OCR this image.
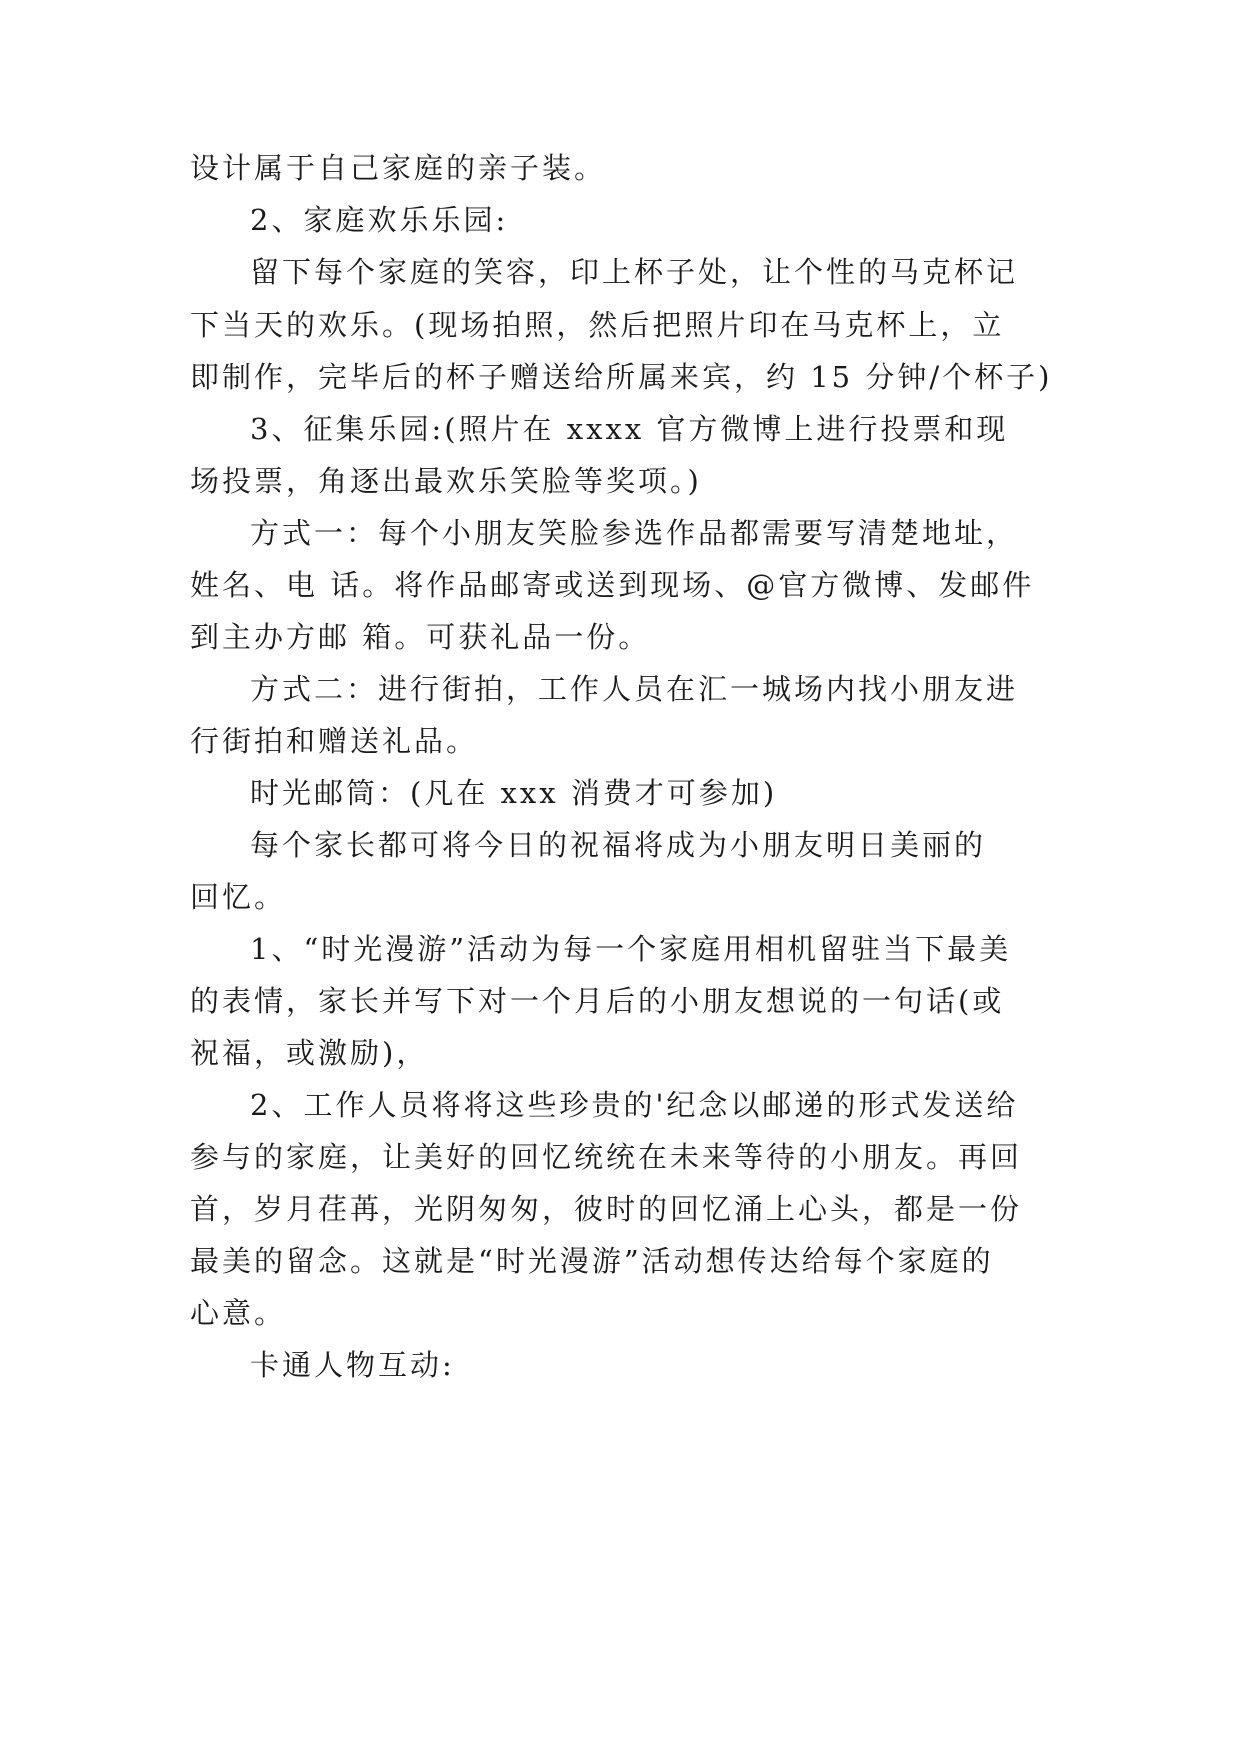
设计属于自己家庭的亲子装。
2、家庭欢乐乐园:
留下每个家庭的笑容，印上杯子处，让个性的马克杯记
下当天的欢乐。(现场拍照，然后把照片印在马克杯上，立
即制作，完毕后的杯子赠送给所属来宾，约 15 分钟/个杯子)
3、征集乐园:(照片在 xxxx 官方微博上进行投票和现
场投票，角逐出最欢乐笑脸等奖项。)
方式一：每个小朋友笑脸参选作品都需要写清楚地址，
姓名、电 话。将作品邮寄或送到现场、@官方微博、发邮件
到主办方邮 箱。可获礼品一份。
方式二：进行街拍，工作人员在汇一城场内找小朋友进
行街拍和赠送礼品。
时光邮筒：(凡在 xxx 消费才可参加)
每个家长都可将今日的祝福将成为小朋友明日美丽的
回忆。
1、“时光漫游”活动为每一个家庭用相机留驻当下最美
的表情，家长并写下对一个月后的小朋友想说的一句话(或
祝福，或激励)，
2、工作人员将将这些珍贵的'纪念以邮递的形式发送给
参与的家庭，让美好的回忆统统在未来等待的小朋友。再回
首，岁月荏苒，光阴匆匆，彼时的回忆涌上心头，都是一份
最美的留念。这就是“时光漫游”活动想传达给每个家庭的
心意。
卡通人物互动:
